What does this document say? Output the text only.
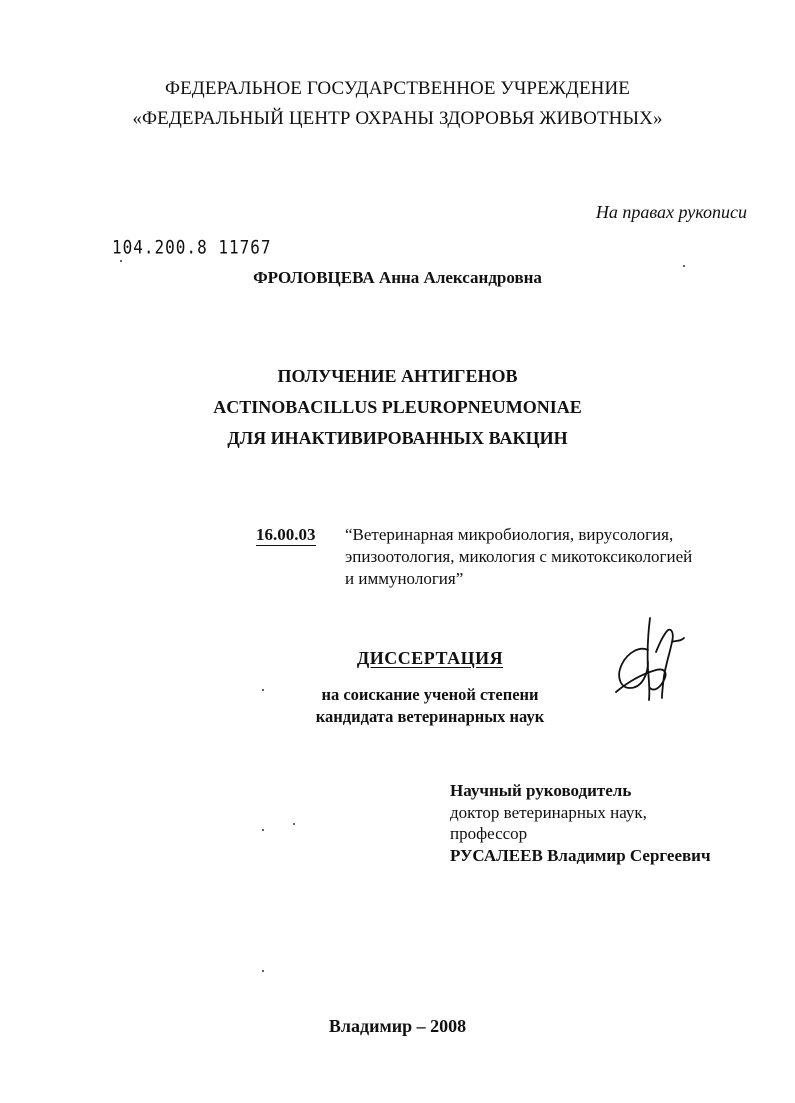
ФЕДЕРАЛЬНОЕ ГОСУДАРСТВЕННОЕ УЧРЕЖДЕНИЕ
«ФЕДЕРАЛЬНЫЙ ЦЕНТР ОХРАНЫ ЗДОРОВЬЯ ЖИВОТНЫХ»
На правах рукописи
104.200.8 11767
ФРОЛОВЦЕВА Анна Александровна
ПОЛУЧЕНИЕ АНТИГЕНОВ
ACTINOBACILLUS PLEUROPNEUMONIAE
ДЛЯ ИНАКТИВИРОВАННЫХ ВАКЦИН
16.00.03 “Ветеринарная микробиология, вирусология,
эпизоотология, микология с микотоксикологией
и иммунология”
ДИССЕРТАЦИЯ
на соискание ученой степени
кандидата ветеринарных наук
Научный руководитель
доктор ветеринарных наук,
профессор
РУСАЛЕЕВ Владимир Сергеевич
Владимир – 2008
